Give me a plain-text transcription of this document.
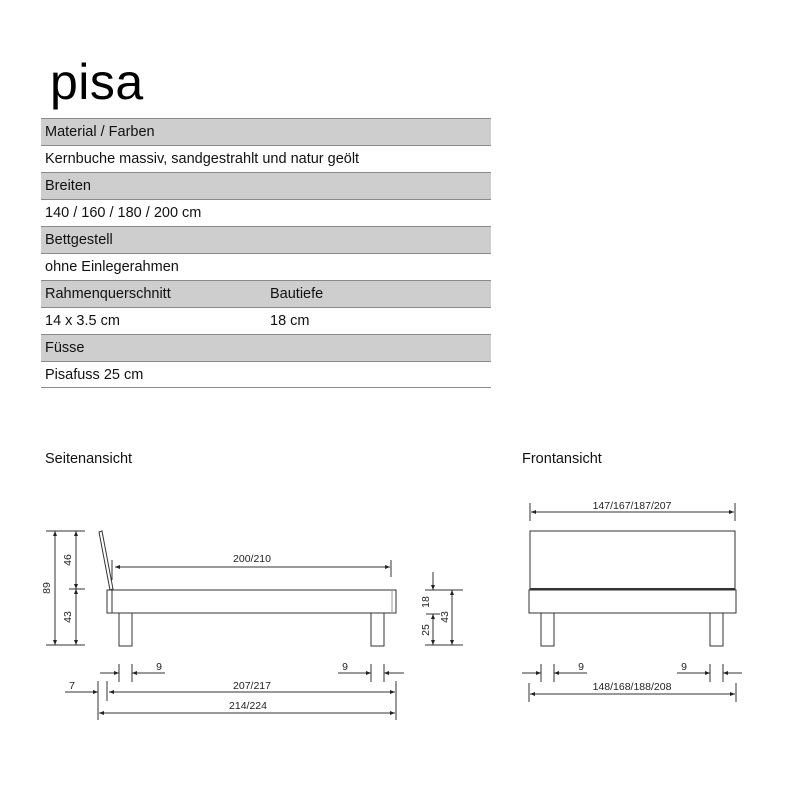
pisa
Material / Farben
Kernbuche massiv, sandgestrahlt und natur geölt
Breiten
140 / 160 / 180 / 200 cm
Bettgestell
ohne Einlegerahmen
Rahmenquerschnitt	Bautiefe
14 x 3.5 cm	18 cm
Füsse
Pisafuss 25 cm
Seitenansicht	Frontansicht
89
46
43
200/210
18
25
43
9	9
7	207/217
214/224
147/167/187/207
9	9
148/168/188/208
